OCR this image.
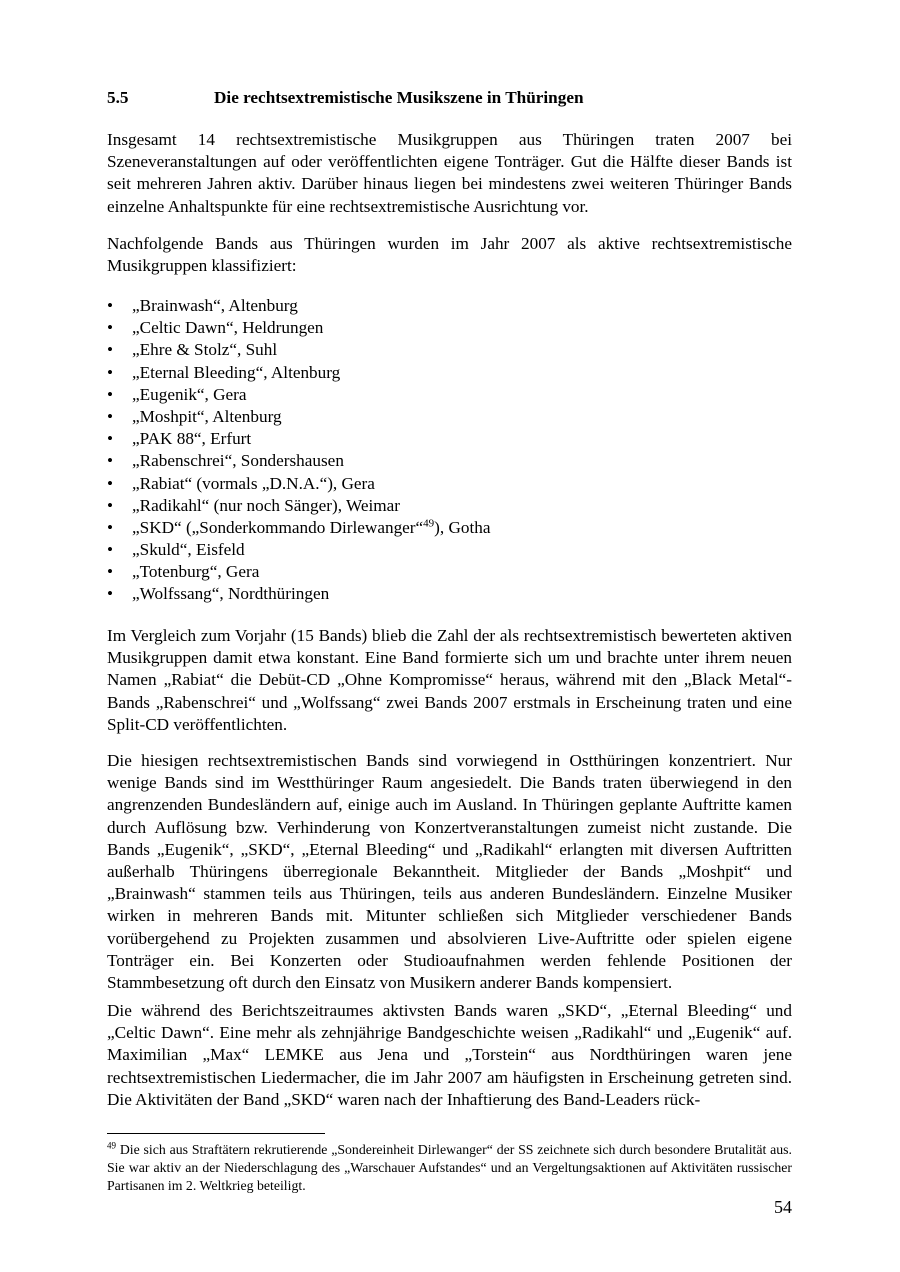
5.5	Die rechtsextremistische Musikszene in Thüringen

Insgesamt 14 rechtsextremistische Musikgruppen aus Thüringen traten 2007 bei Szeneveranstaltungen auf oder veröffentlichten eigene Tonträger. Gut die Hälfte dieser Bands ist seit mehreren Jahren aktiv. Darüber hinaus liegen bei mindestens zwei weiteren Thüringer Bands einzelne Anhaltspunkte für eine rechtsextremistische Ausrichtung vor.

Nachfolgende Bands aus Thüringen wurden im Jahr 2007 als aktive rechtsextremistische Musikgruppen klassifiziert:

• „Brainwash“, Altenburg
• „Celtic Dawn“, Heldrungen
• „Ehre & Stolz“, Suhl
• „Eternal Bleeding“, Altenburg
• „Eugenik“, Gera
• „Moshpit“, Altenburg
• „PAK 88“, Erfurt
• „Rabenschrei“, Sondershausen
• „Rabiat“ (vormals „D.N.A.“), Gera
• „Radikahl“ (nur noch Sänger), Weimar
• „SKD“ („Sonderkommando Dirlewanger“$^{49}$), Gotha
• „Skuld“, Eisfeld
• „Totenburg“, Gera
• „Wolfssang“, Nordthüringen

Im Vergleich zum Vorjahr (15 Bands) blieb die Zahl der als rechtsextremistisch bewerteten aktiven Musikgruppen damit etwa konstant. Eine Band formierte sich um und brachte unter ihrem neuen Namen „Rabiat“ die Debüt-CD „Ohne Kompromisse“ heraus, während mit den „Black Metal“-Bands „Rabenschrei“ und „Wolfssang“ zwei Bands 2007 erstmals in Erscheinung traten und eine Split-CD veröffentlichten.

Die hiesigen rechtsextremistischen Bands sind vorwiegend in Ostthüringen konzentriert. Nur wenige Bands sind im Westthüringer Raum angesiedelt. Die Bands traten überwiegend in den angrenzenden Bundesländern auf, einige auch im Ausland. In Thüringen geplante Auftritte kamen durch Auflösung bzw. Verhinderung von Konzertveranstaltungen zumeist nicht zustande. Die Bands „Eugenik“, „SKD“, „Eternal Bleeding“ und „Radikahl“ erlangten mit diversen Auftritten außerhalb Thüringens überregionale Bekanntheit. Mitglieder der Bands „Moshpit“ und „Brainwash“ stammen teils aus Thüringen, teils aus anderen Bundesländern. Einzelne Musiker wirken in mehreren Bands mit. Mitunter schließen sich Mitglieder verschiedener Bands vorübergehend zu Projekten zusammen und absolvieren Live-Auftritte oder spielen eigene Tonträger ein. Bei Konzerten oder Studioaufnahmen werden fehlende Positionen der Stammbesetzung oft durch den Einsatz von Musikern anderer Bands kompensiert.

Die während des Berichtszeitraumes aktivsten Bands waren „SKD“, „Eternal Bleeding“ und „Celtic Dawn“. Eine mehr als zehnjährige Bandgeschichte weisen „Radikahl“ und „Eugenik“ auf. Maximilian „Max“ LEMKE aus Jena und „Torstein“ aus Nordthüringen waren jene rechtsextremistischen Liedermacher, die im Jahr 2007 am häufigsten in Erscheinung getreten sind. Die Aktivitäten der Band „SKD“ waren nach der Inhaftierung des Band-Leaders rück-

$^{49}$ Die sich aus Straftätern rekrutierende „Sondereinheit Dirlewanger“ der SS zeichnete sich durch besondere Brutalität aus. Sie war aktiv an der Niederschlagung des „Warschauer Aufstandes“ und an Vergeltungsaktionen auf Aktivitäten russischer Partisanen im 2. Weltkrieg beteiligt.

54
